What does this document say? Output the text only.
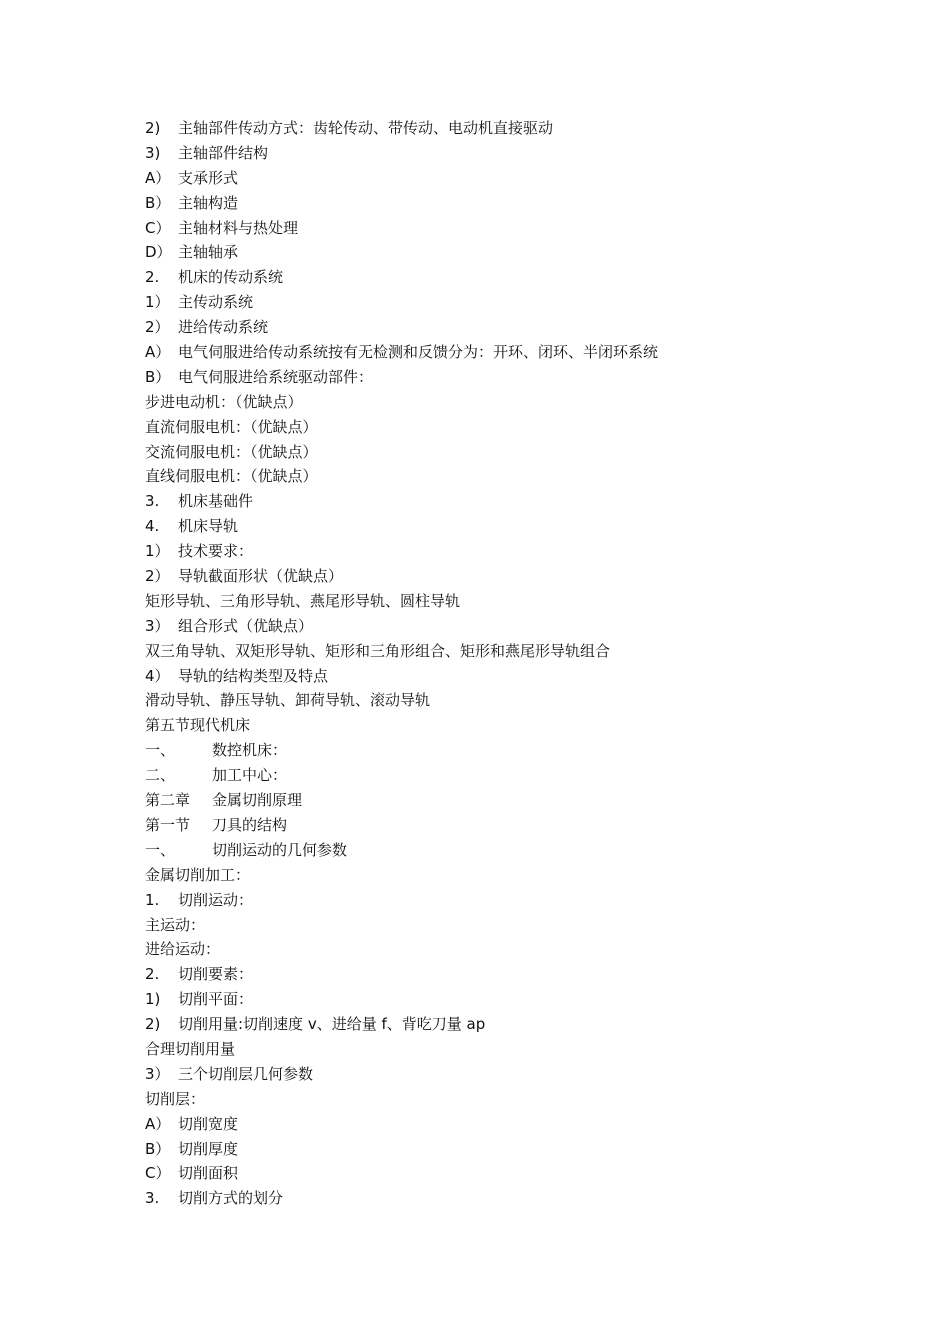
2) 主轴部件传动方式：齿轮传动、带传动、电动机直接驱动
3) 主轴部件结构
A） 支承形式
B） 主轴构造
C） 主轴材料与热处理
D） 主轴轴承
2. 机床的传动系统
1） 主传动系统
2） 进给传动系统
A） 电气伺服进给传动系统按有无检测和反馈分为：开环、闭环、半闭环系统
B） 电气伺服进给系统驱动部件：
步进电动机：（优缺点）
直流伺服电机：（优缺点）
交流伺服电机：（优缺点）
直线伺服电机：（优缺点）
3. 机床基础件
4. 机床导轨
1） 技术要求：
2） 导轨截面形状（优缺点）
矩形导轨、三角形导轨、燕尾形导轨、圆柱导轨
3） 组合形式（优缺点）
双三角导轨、双矩形导轨、矩形和三角形组合、矩形和燕尾形导轨组合
4） 导轨的结构类型及特点
滑动导轨、静压导轨、卸荷导轨、滚动导轨
第五节现代机床
一、 数控机床：
二、 加工中心：
第二章 金属切削原理
第一节 刀具的结构
一、 切削运动的几何参数
金属切削加工：
1. 切削运动：
主运动：
进给运动：
2. 切削要素：
1) 切削平面：
2) 切削用量:切削速度 v、进给量 f、背吃刀量 ap
合理切削用量
3） 三个切削层几何参数
切削层：
A） 切削宽度
B） 切削厚度
C） 切削面积
3. 切削方式的划分
